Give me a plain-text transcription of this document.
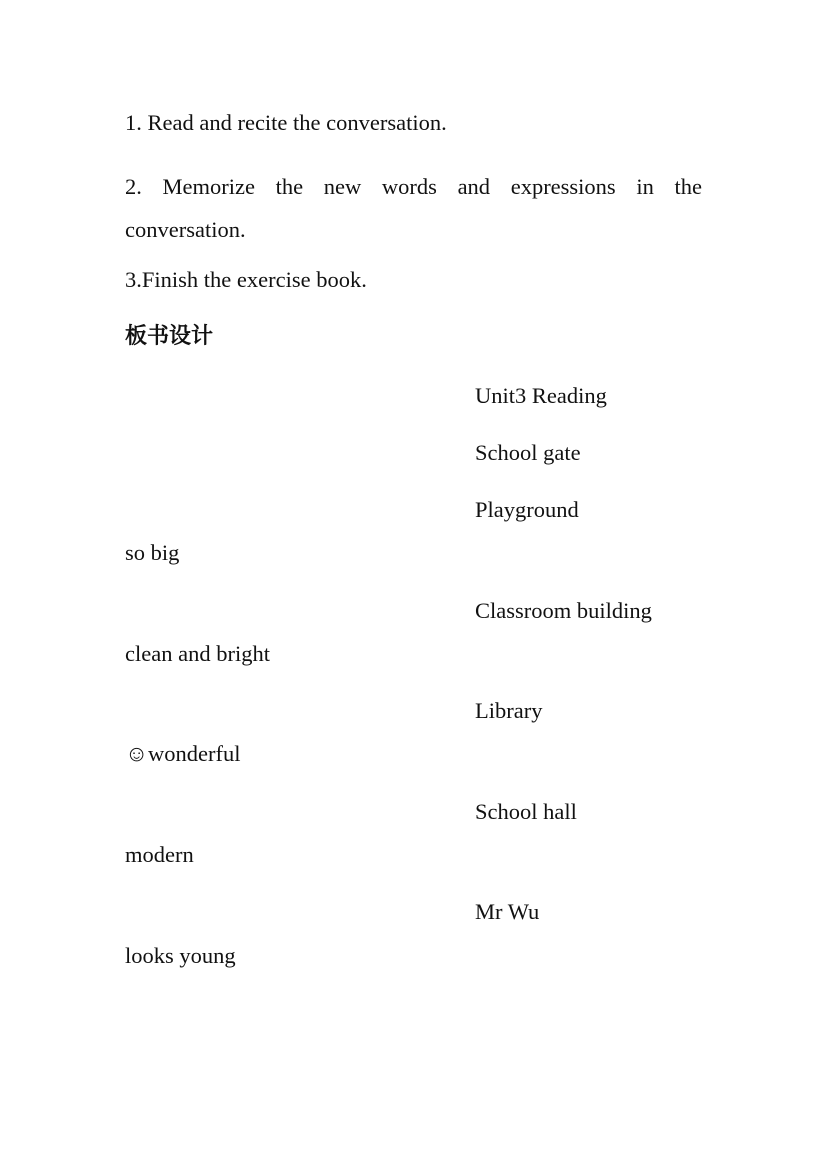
1. Read and recite the conversation.
2. Memorize the new words and expressions in the conversation.
3.Finish the exercise book.
板书设计
Unit3 Reading
School gate
Playground
so big
Classroom building
clean and bright
Library
☺wonderful
School hall
modern
Mr Wu
looks young
